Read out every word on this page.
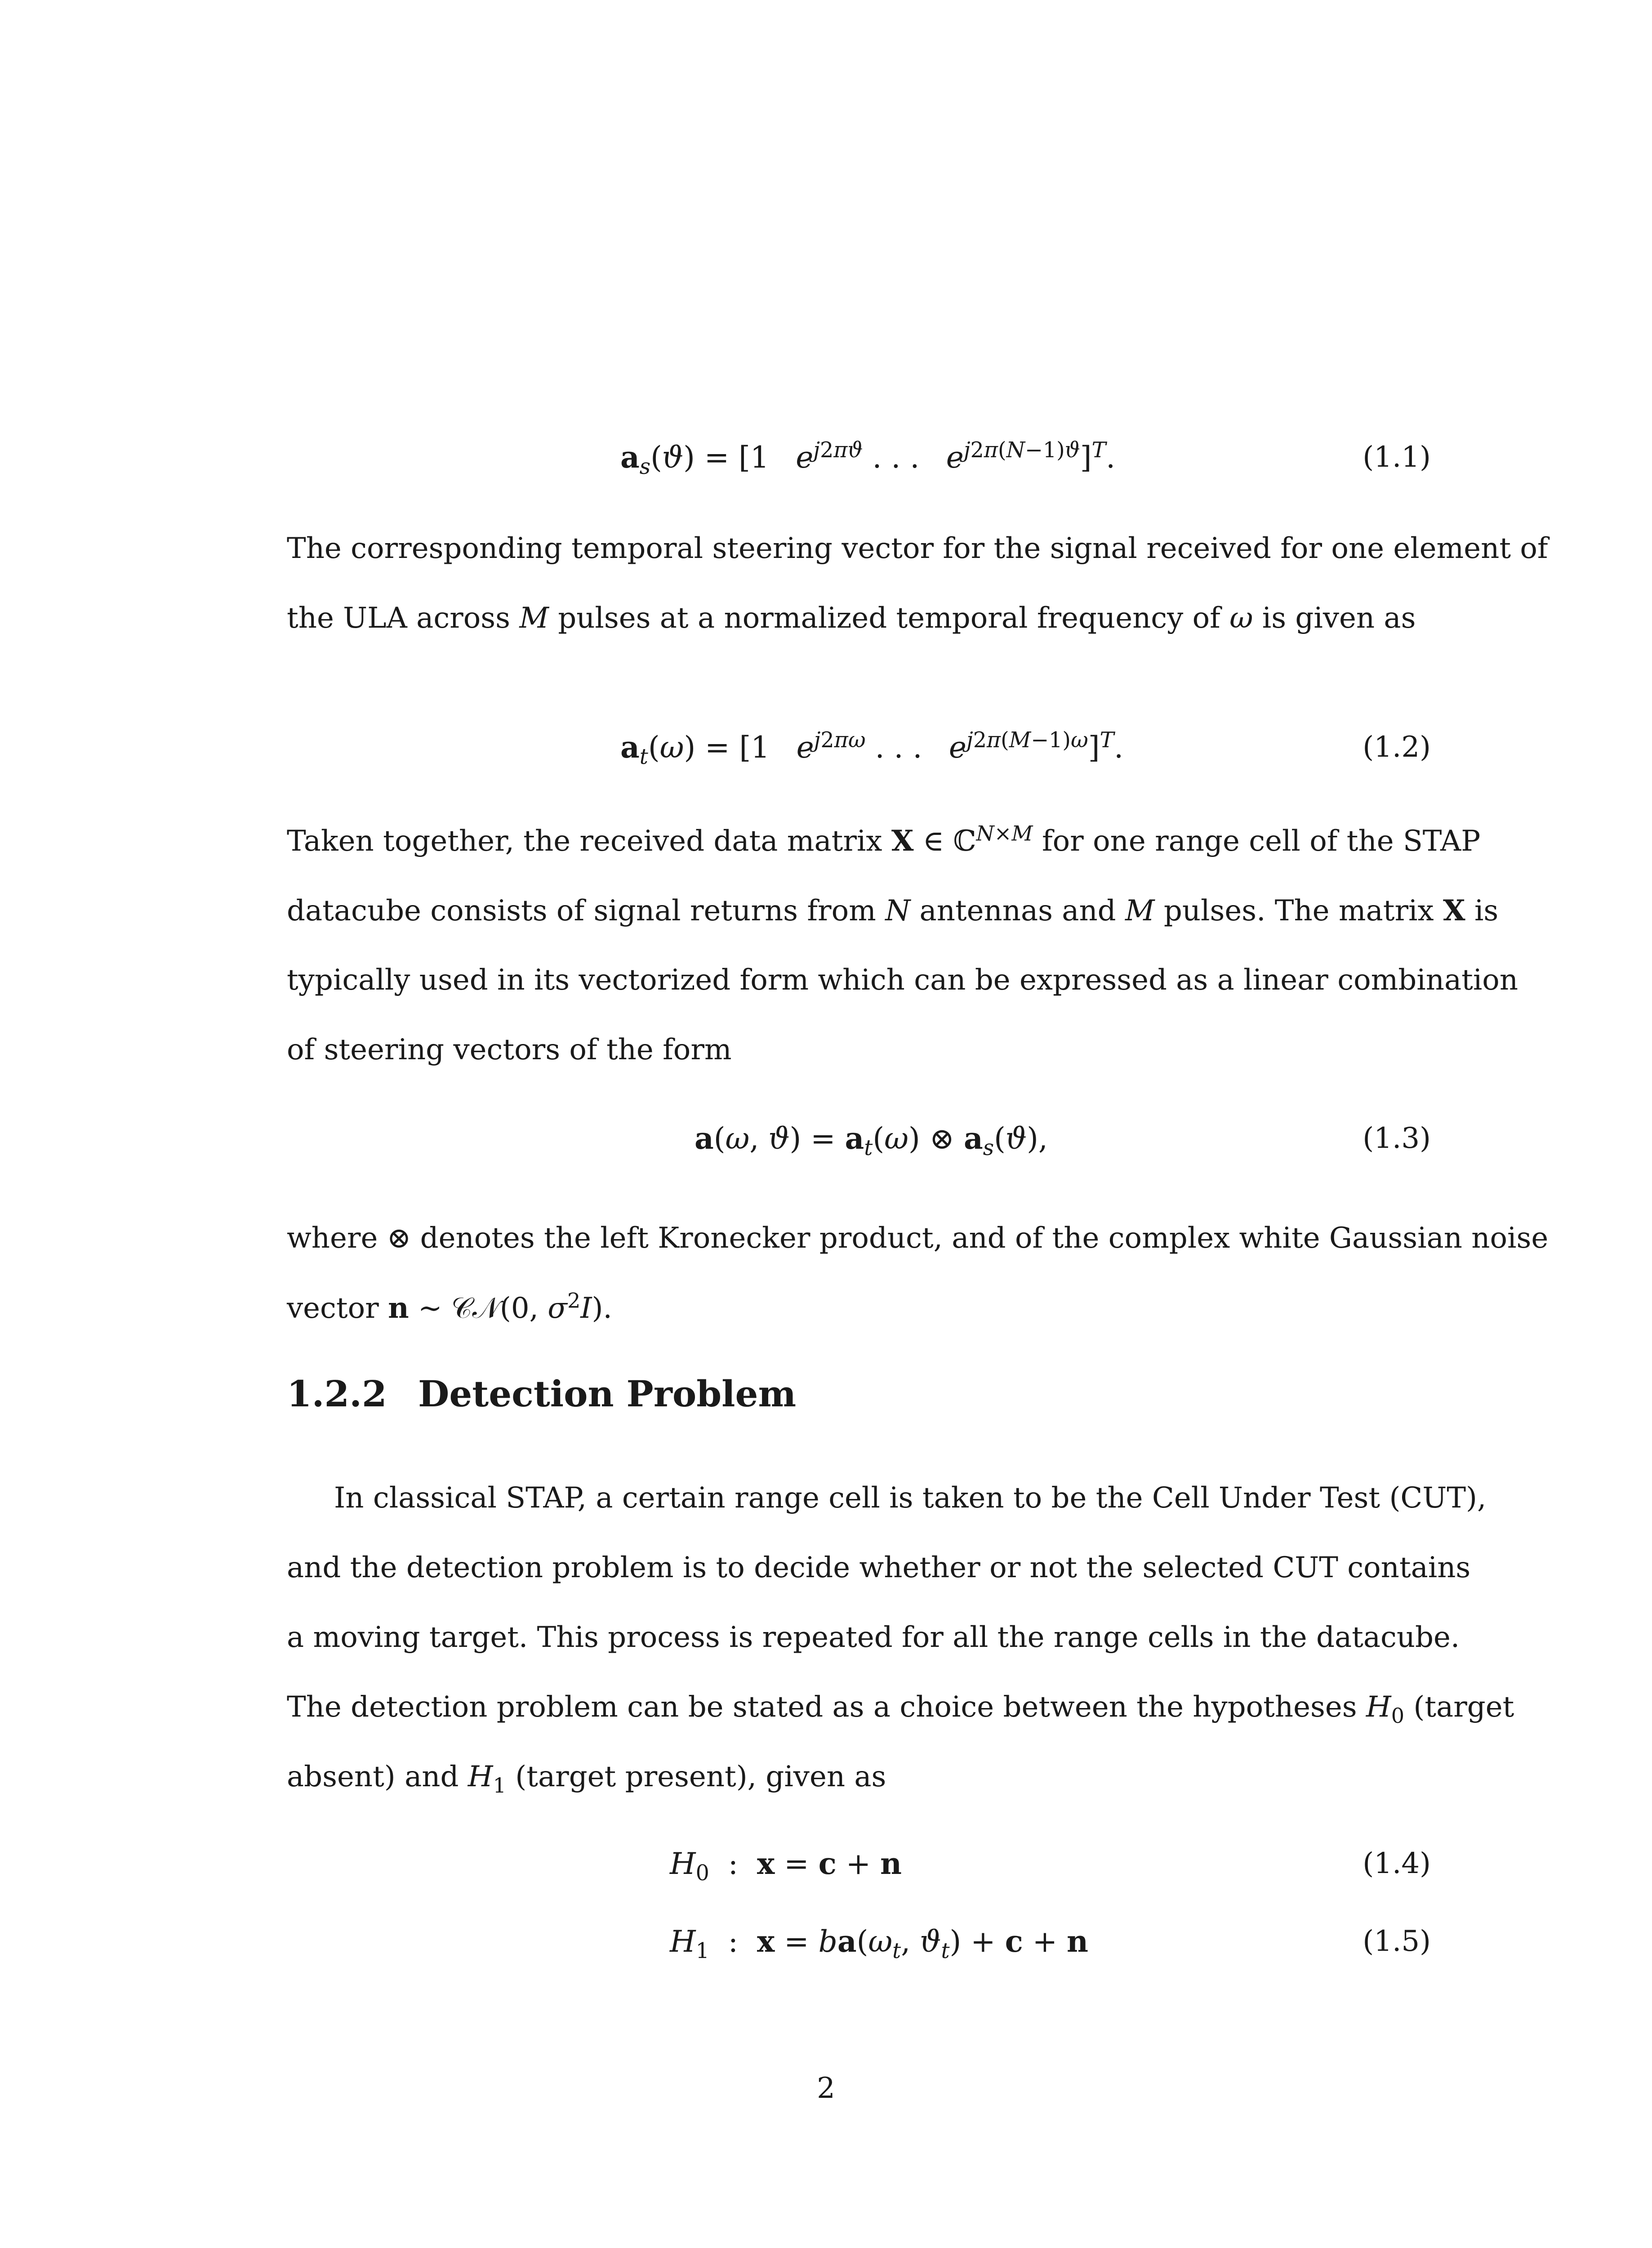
$a_s(ϑ) = [1$ $e^{j2\pi ϑ}$ . . . $e^{j2\pi(N-1)ϑ}]^T$.	(1.1)
The corresponding temporal steering vector for the signal received for one element of
the ULA across M pulses at a normalized temporal frequency of ω is given as
$a_t(\omega) = [1$ $e^{j2\pi\omega}$ . . . $e^{j2\pi(M-1)\omega}]^T$.	(1.2)
Taken together, the received data matrix X ∈ ℂ$^{N\times M}$ for one range cell of the STAP
datacube consists of signal returns from N antennas and M pulses. The matrix X is
typically used in its vectorized form which can be expressed as a linear combination
of steering vectors of the form
a(ω, $ϑ) = a_t(\omega)$ ⊗ $a_s(ϑ)$,	(1.3)
where ⊗ denotes the left Kronecker product, and of the complex white Gaussian noise
vector n ∼ 𝒞𝒩(0, $\sigma^2I$).
1.2.2 Detection Problem
In classical STAP, a certain range cell is taken to be the Cell Under Test (CUT),
and the detection problem is to decide whether or not the selected CUT contains
a moving target. This process is repeated for all the range cells in the datacube.
The detection problem can be stated as a choice between the hypotheses $H_0$ (target
absent) and $H_1$ (target present), given as
$H_0$  :  x = c + n	(1.4)
$H_1$  :  $x = ba(\omega_t$, $ϑ_t) + c + n$	(1.5)
2
